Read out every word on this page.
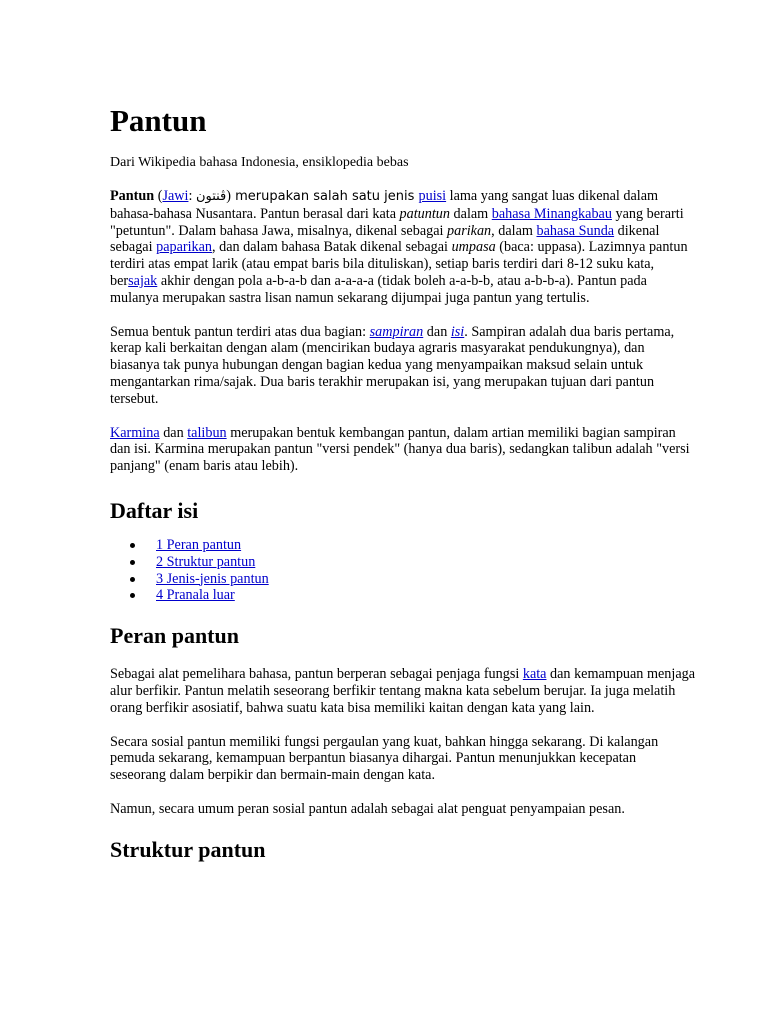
Pantun
Dari Wikipedia bahasa Indonesia, ensiklopedia bebas

Pantun (Jawi: ڤنتون) merupakan salah satu jenis puisi lama yang sangat luas dikenal dalam bahasa-bahasa Nusantara. Pantun berasal dari kata patuntun dalam bahasa Minangkabau yang berarti "petuntun". Dalam bahasa Jawa, misalnya, dikenal sebagai parikan, dalam bahasa Sunda dikenal sebagai paparikan, dan dalam bahasa Batak dikenal sebagai umpasa (baca: uppasa). Lazimnya pantun terdiri atas empat larik (atau empat baris bila dituliskan), setiap baris terdiri dari 8-12 suku kata, bersajak akhir dengan pola a-b-a-b dan a-a-a-a (tidak boleh a-a-b-b, atau a-b-b-a). Pantun pada mulanya merupakan sastra lisan namun sekarang dijumpai juga pantun yang tertulis.

Semua bentuk pantun terdiri atas dua bagian: sampiran dan isi. Sampiran adalah dua baris pertama, kerap kali berkaitan dengan alam (mencirikan budaya agraris masyarakat pendukungnya), dan biasanya tak punya hubungan dengan bagian kedua yang menyampaikan maksud selain untuk mengantarkan rima/sajak. Dua baris terakhir merupakan isi, yang merupakan tujuan dari pantun tersebut.

Karmina dan talibun merupakan bentuk kembangan pantun, dalam artian memiliki bagian sampiran dan isi. Karmina merupakan pantun "versi pendek" (hanya dua baris), sedangkan talibun adalah "versi panjang" (enam baris atau lebih).

Daftar isi
1 Peran pantun
2 Struktur pantun
3 Jenis-jenis pantun
4 Pranala luar
Peran pantun

Sebagai alat pemelihara bahasa, pantun berperan sebagai penjaga fungsi kata dan kemampuan menjaga alur berfikir. Pantun melatih seseorang berfikir tentang makna kata sebelum berujar. Ia juga melatih orang berfikir asosiatif, bahwa suatu kata bisa memiliki kaitan dengan kata yang lain.

Secara sosial pantun memiliki fungsi pergaulan yang kuat, bahkan hingga sekarang. Di kalangan pemuda sekarang, kemampuan berpantun biasanya dihargai. Pantun menunjukkan kecepatan seseorang dalam berpikir dan bermain-main dengan kata.

Namun, secara umum peran sosial pantun adalah sebagai alat penguat penyampaian pesan.

Struktur pantun
